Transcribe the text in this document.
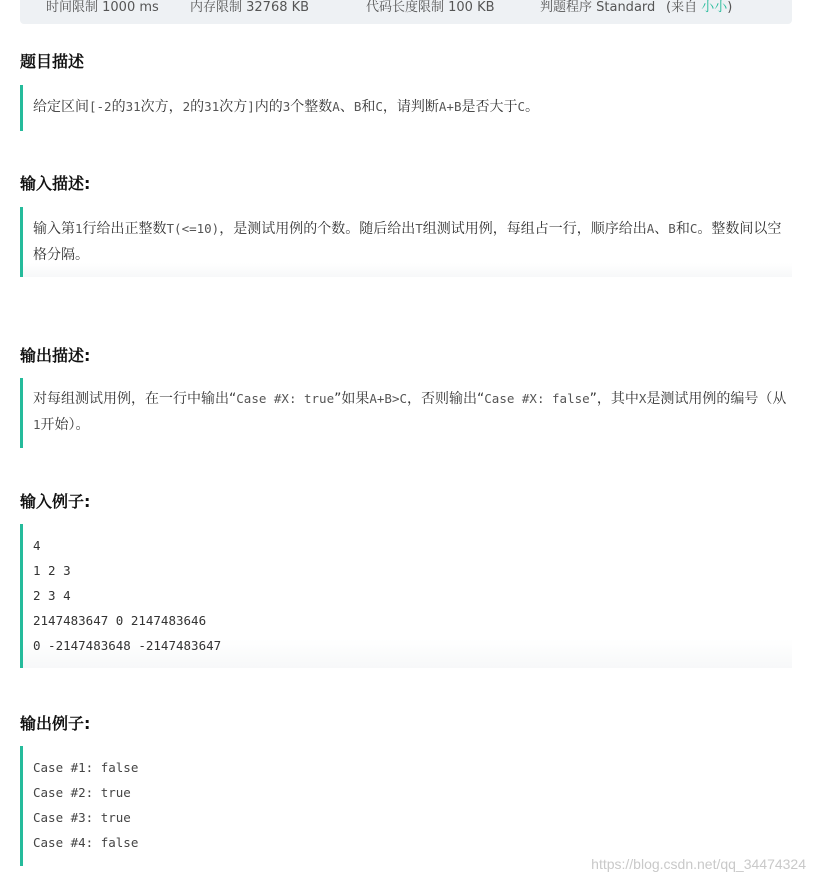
时间限制 1000 ms 内存限制 32768 KB	代码长度限制 100 KB	判题程序 Standard (来自 小小)
题目描述

给定区间[-2的31次方，2的31次方]内的3个整数A、B和C，请判断A+B是否大于C。

输入描述:

输入第1行给出正整数T(<=10)，是测试用例的个数。随后给出T组测试用例，每组占一行，顺序给出A、B和C。整数间以空格分隔。

输出描述:

对每组测试用例，在一行中输出“Case #X: true”如果A+B>C，否则输出“Case #X: false”，其中X是测试用例的编号（从1开始）。

输入例子:
4
1 2 3
2 3 4
2147483647 0 2147483646
0 -2147483648 -2147483647
输出例子:
Case #1: false
Case #2: true
Case #3: true
Case #4: false
https://blog.csdn.net/qq_34474324
